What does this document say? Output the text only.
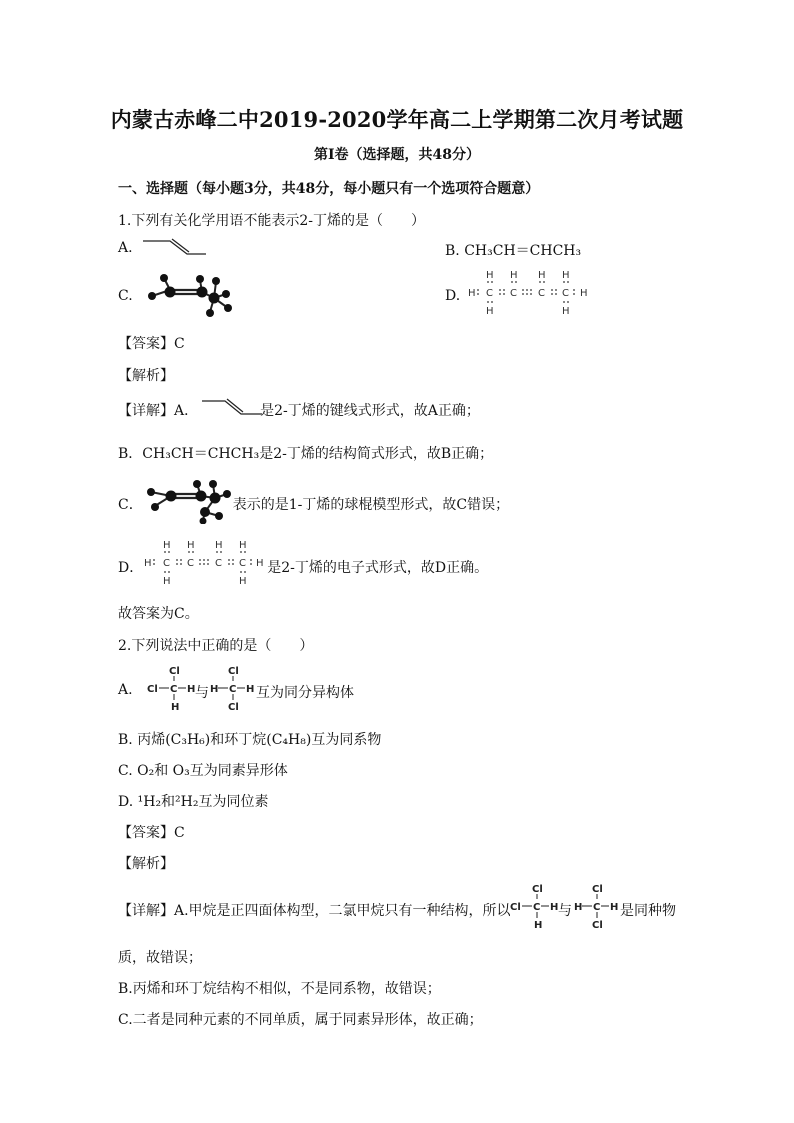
内蒙古赤峰二中2019-2020学年高二上学期第二次月考试题
第Ⅰ卷（选择题，共48分）
一、选择题（每小题3分，共48分，每小题只有一个选项符合题意）
1.下列有关化学用语不能表示2-丁烯的是（　　）
A.	B. CH₃CH＝CHCH₃
C.	D.
H H H H
H C C C C H
H	H
【答案】C
【解析】
【详解】A．	是2-丁烯的键线式形式，故A正确；
B．CH₃CH＝CHCH₃是2-丁烯的结构简式形式，故B正确；
C．	表示的是1-丁烯的球棍模型形式，故C错误；
D．	是2-丁烯的电子式形式，故D正确。
H H H H
H C C C C H
H	H
故答案为C。
2.下列说法中正确的是（　　）
A.
Cl
Cl C H
H
与
Cl
H C H
Cl
互为同分异构体
B. 丙烯(C₃H₆)和环丁烷(C₄H₈)互为同系物
C. O₂和 O₃互为同素异形体
D. ¹H₂和²H₂互为同位素
【答案】C
【解析】
【详解】A.甲烷是正四面体构型，二氯甲烷只有一种结构，所以
Cl
Cl C H
H
与
Cl
H C H
Cl
是同种物
质，故错误；
B.丙烯和环丁烷结构不相似，不是同系物，故错误；
C.二者是同种元素的不同单质，属于同素异形体，故正确；
